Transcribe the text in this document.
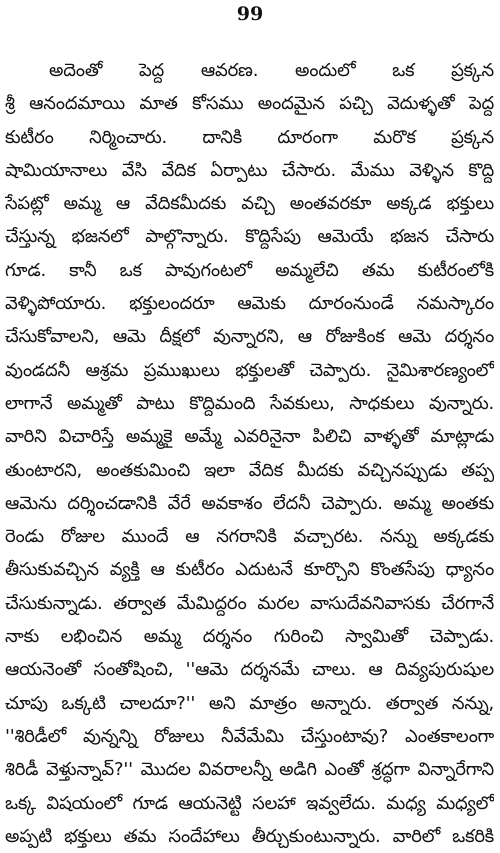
99
అదెంతో పెద్ద ఆవరణ. అందులో ఒక ప్రక్కన
శ్రీ ఆనందమాయి మాత కోసము అందమైన పచ్చి వెదుళ్ళతో పెద్ద
కుటీరం నిర్మించారు. దానికి దూరంగా మరొక ప్రక్కన
షామియానాలు వేసి వేదిక ఏర్పాటు చేసారు. మేము వెళ్ళిన కొద్ది
సేపట్లో అమ్మ ఆ వేదికమీదకు వచ్చి అంతవరకూ అక్కడ భక్తులు
చేస్తున్న భజనలో పాల్గొన్నారు. కొద్దిసేపు ఆమెయే భజన చేసారు
గూడ. కానీ ఒక పావుగంటలో అమ్మలేచి తమ కుటీరంలోకి
వెళ్ళిపోయారు. భక్తులందరూ ఆమెకు దూరంనుండే నమస్కారం
చేసుకోవాలని, ఆమె దీక్షలో వున్నారని, ఆ రోజుకింక ఆమె దర్శనం
వుండదనీ ఆశ్రమ ప్రముఖులు భక్తులతో చెప్పారు. నైమిశారణ్యంలో
లాగానే అమ్మతో పాటు కొద్దిమంది సేవకులు, సాధకులు వున్నారు.
వారిని విచారిస్తే అమ్మకై అమ్మే ఎవరినైనా పిలిచి వాళ్ళతో మాట్లాడు
తుంటారని, అంతకుమించి ఇలా వేదిక మీదకు వచ్చినప్పుడు తప్ప
ఆమెను దర్శించడానికి వేరే అవకాశం లేదనీ చెప్పారు. అమ్మ అంతకు
రెండు రోజుల ముందే ఆ నగరానికి వచ్చారట. నన్ను అక్కడకు
తీసుకువచ్చిన వ్యక్తి ఆ కుటీరం ఎదుటనే కూర్చొని కొంతసేపు ధ్యానం
చేసుకున్నాడు. తర్వాత మేమిద్దరం మరల వాసుదేవనివాసకు చేరగానే
నాకు లభించిన అమ్మ దర్శనం గురించి స్వామితో చెప్పాడు.
ఆయనెంతో సంతోషించి, ''ఆమె దర్శనమే చాలు. ఆ దివ్యపురుషుల
చూపు ఒక్కటి చాలదూ?'' అని మాత్రం అన్నారు. తర్వాత నన్ను,
''శిరిడీలో వున్నన్ని రోజులు నీవేమేమి చేస్తుంటావు? ఎంతకాలంగా
శిరిడీ వెళ్తున్నావ్?'' మొదల వివరాలన్నీ అడిగి ఎంతో శ్రద్ధగా విన్నారేగాని
ఒక్క విషయంలో గూడ ఆయనెట్టి సలహా ఇవ్వలేదు. మధ్య మధ్యలో
అప్పటి భక్తులు తమ సందేహాలు తీర్చుకుంటున్నారు. వారిలో ఒకరికి
